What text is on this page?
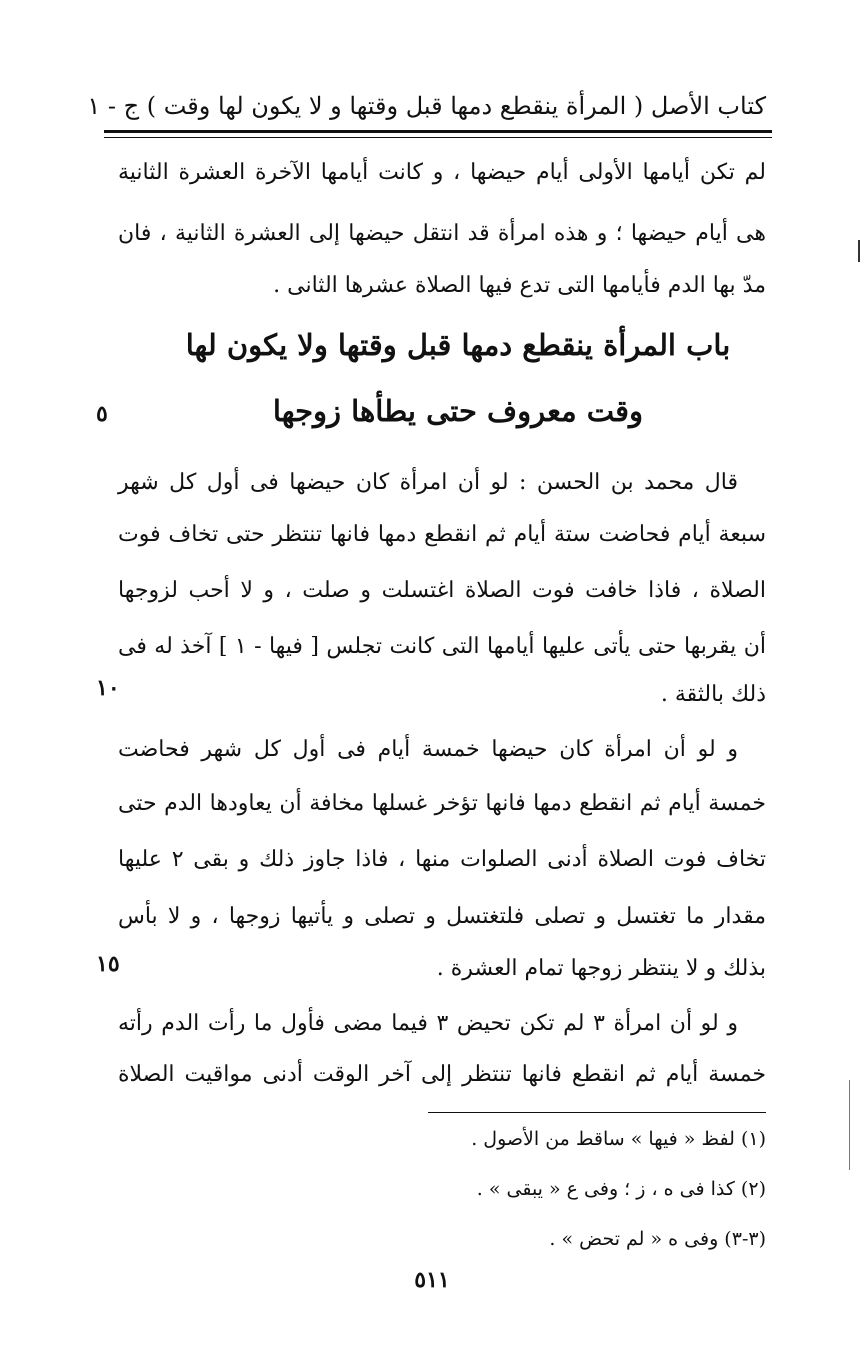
كتاب الأصل ( المرأة ينقطع دمها قبل وقتها و لا يكون لها وقت ) ج - ١
لم تكن أيامها الأولى أيام حيضها ، و كانت أيامها الآخرة العشرة الثانية
هى أيام حيضها ؛ و هذه امرأة قد انتقل حيضها إلى العشرة الثانية ، فان
مدّ بها الدم فأيامها التى تدع فيها الصلاة عشرها الثانى .
باب المرأة ينقطع دمها قبل وقتها ولا يكون لها
وقت معروف حتى يطأها زوجها
٥
قال محمد بن الحسن : لو أن امرأة كان حيضها فى أول كل شهر
سبعة أيام فحاضت ستة أيام ثم انقطع دمها فانها تنتظر حتى تخاف فوت
الصلاة ، فاذا خافت فوت الصلاة اغتسلت و صلت ، و لا أحب لزوجها
أن يقربها حتى يأتى عليها أيامها التى كانت تجلس [ فيها - ١ ] آخذ له فى
ذلك بالثقة .
١٠
و لو أن امرأة كان حيضها خمسة أيام فى أول كل شهر فحاضت
خمسة أيام ثم انقطع دمها فانها تؤخر غسلها مخافة أن يعاودها الدم حتى
تخاف فوت الصلاة أدنى الصلوات منها ، فاذا جاوز ذلك و بقى ٢ عليها
مقدار ما تغتسل و تصلى فلتغتسل و تصلى و يأتيها زوجها ، و لا بأس
بذلك و لا ينتظر زوجها تمام العشرة .
١٥
و لو أن امرأة ٣ لم تكن تحيض ٣ فيما مضى فأول ما رأت الدم رأته
خمسة أيام ثم انقطع فانها تنتظر إلى آخر الوقت أدنى مواقيت الصلاة
(١) لفظ « فيها » ساقط من الأصول .
(٢) كذا فى ه ، ز ؛ وفى ع « يبقى » .
(٣-٣) وفى ه « لم تحض » .
٥١١
